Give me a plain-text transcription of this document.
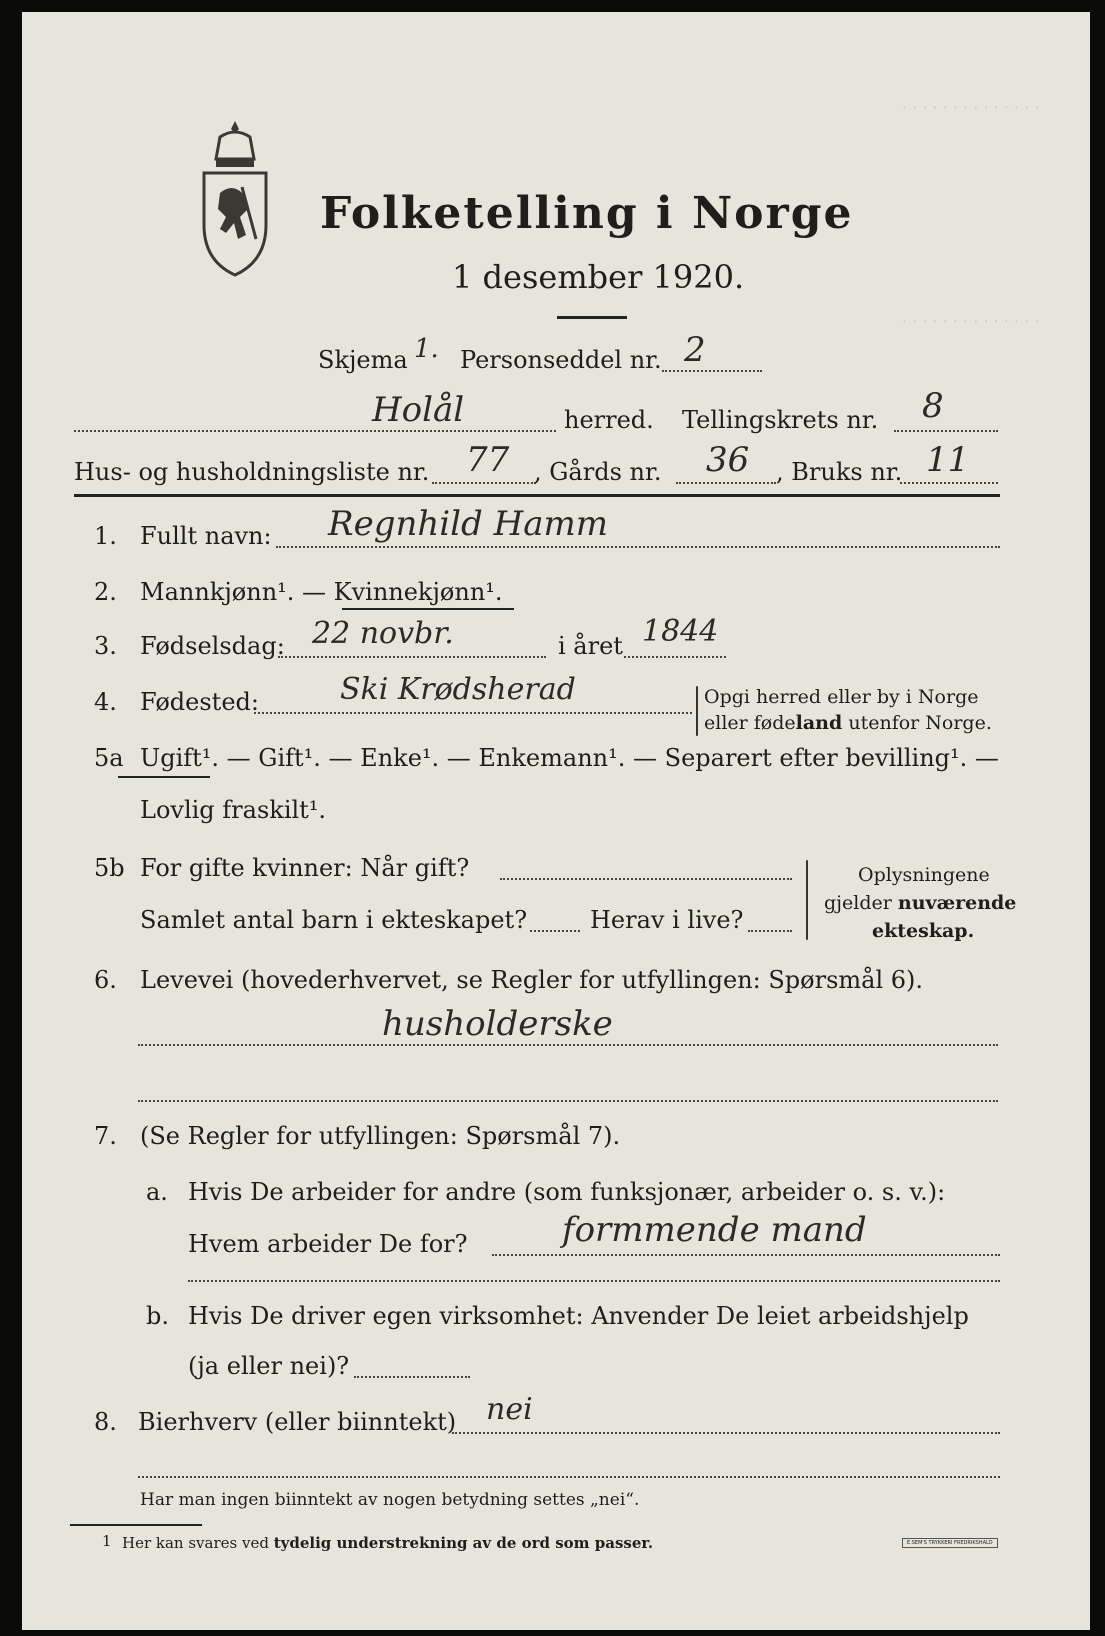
· · · · · · · · · · · · · ·
· · · · · · · · · · · · · ·
Folketelling i Norge
1 desember 1920.
Skjema 1. Personseddel nr. 2
Holål	herred. Tellingskrets nr. 8
Hus- og husholdningsliste nr. 77 , Gårds nr. 36 , Bruks nr. 11
1. Fullt navn: Regnhild Hamm
2. Mannkjønn¹. — Kvinnekjønn¹.
3. Fødselsdag: 22 novbr.	i året 1844
4. Fødested:	Ski Krødsherad	Opgi herred eller by i Norge
eller fødeland utenfor Norge.
5a Ugift¹. — Gift¹. — Enke¹. — Enkemann¹. — Separert efter bevilling¹. —
Lovlig fraskilt¹.
5b For gifte kvinner: Når gift?
Samlet antal barn i ekteskapet?	Herav i live?
Oplysningene
gjelder nuværende
ekteskap.
6. Levevei (hovederhvervet, se Regler for utfyllingen: Spørsmål 6).
husholderske
7. (Se Regler for utfyllingen: Spørsmål 7).
a. Hvis De arbeider for andre (som funksjonær, arbeider o. s. v.):
Hvem arbeider De for?	formmende mand
b. Hvis De driver egen virksomhet: Anvender De leiet arbeidshjelp
(ja eller nei)?
8. Bierhverv (eller biinntekt) nei
Har man ingen biinntekt av nogen betydning settes „nei“.
1 Her kan svares ved tydelig understrekning av de ord som passer.	E.SEM'S TRYKKERI FREDRIKSHALD
